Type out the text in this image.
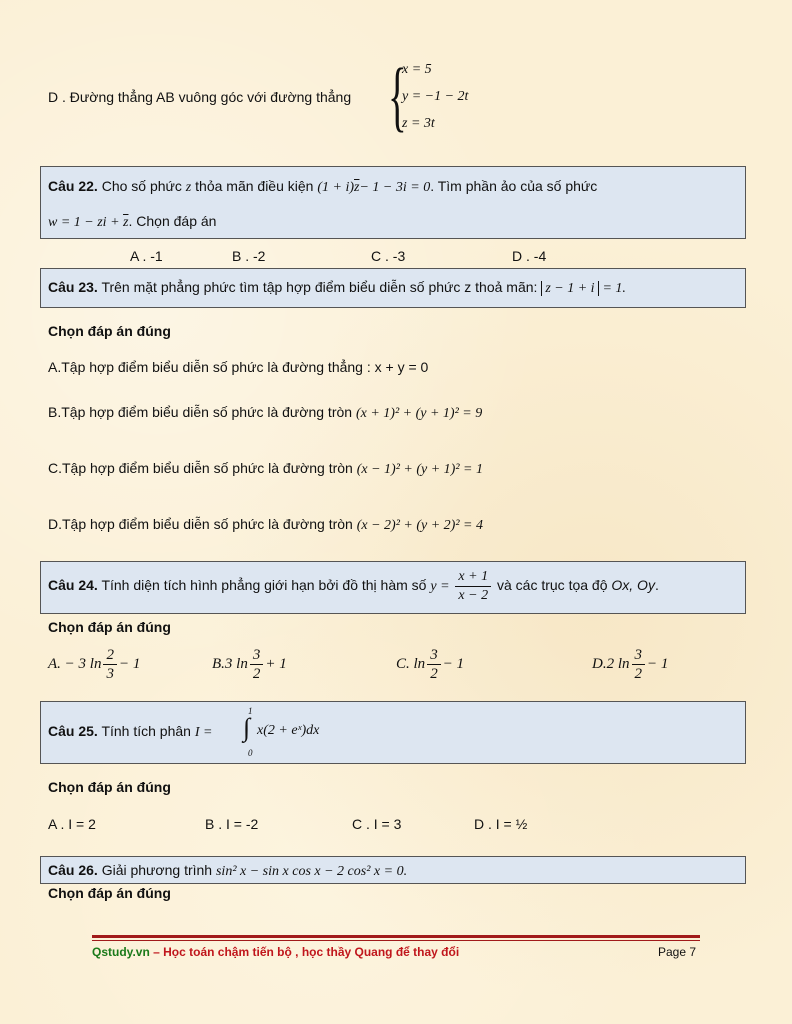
D . Đường thẳng AB vuông góc với đường thẳng {
x = 5
y = −1 − 2t
z = 3t
Câu 22. Cho số phức z thỏa mãn điều kiện $(1 + i)\overline{z}- 1 - 3i = 0$. Tìm phần ảo của số phức
w = 1 − zi + $\overline{z}$. Chọn đáp án
A . -1	B . -2	C . -3	D . -4
Câu 23. Trên mặt phẳng phức tìm tập hợp điểm biểu diễn số phức z thoả mãn: z − 1 + i = 1.
Chọn đáp án đúng
A.Tập hợp điểm biểu diễn số phức là đường thẳng : x + y = 0
B.Tập hợp điểm biểu diễn số phức là đường tròn (x + 1)² + (y + 1)² = 9
C.Tập hợp điểm biểu diễn số phức là đường tròn (x − 1)² + (y + 1)² = 1
D.Tập hợp điểm biểu diễn số phức là đường tròn (x − 2)² + (y + 2)² = 4
Câu 24. Tính diện tích hình phẳng giới hạn bởi đồ thị hàm số $y = \frac{x + 1}{x - 2}$ và các trục tọa độ Ox, Oy.
Chọn đáp án đúng
A. − 3 $\ln \frac{2}{3} - 1$	B.3 $\ln \frac{3}{2} + 1$	C. $\ln \frac{3}{2} - 1$	D.2 $\ln \frac{3}{2} - 1$
Câu 25. Tính tích phân I =
1
∫
0
x(2 + eˣ)dx
Chọn đáp án đúng
A . I = 2	B . I = -2	C . I = 3	D . I = ½
Câu 26. Giải phương trình sin² x − sin x cos x − 2 cos² x = 0.
Chọn đáp án đúng
Qstudy.vn – Học toán chậm tiến bộ , học thầy Quang để thay đổi	Page 7
